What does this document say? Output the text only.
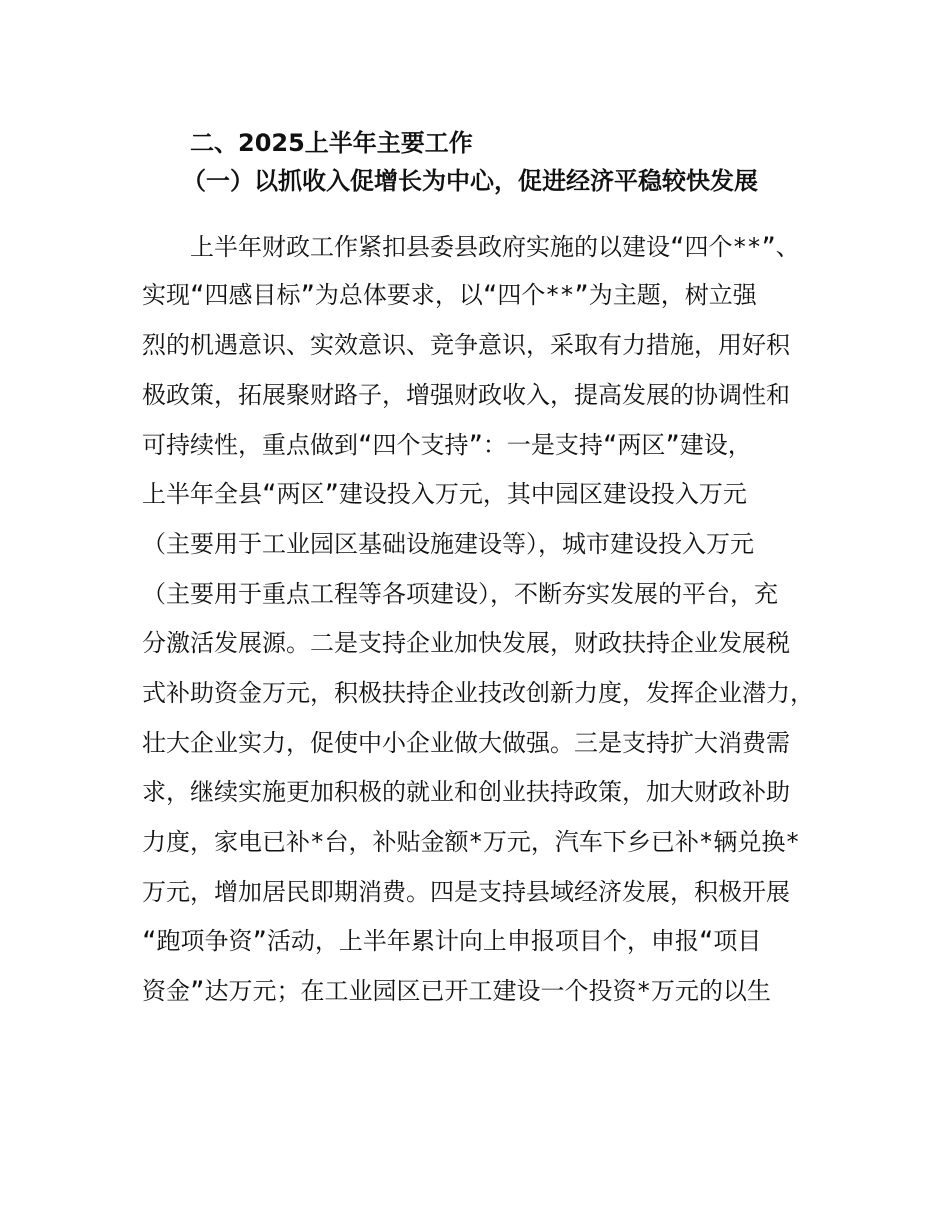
二、2025上半年主要工作
（一）以抓收入促增长为中心，促进经济平稳较快发展
上半年财政工作紧扣县委县政府实施的以建设“四个**”、
实现“四感目标”为总体要求，以“四个**”为主题，树立强
烈的机遇意识、实效意识、竞争意识，采取有力措施，用好积
极政策，拓展聚财路子，增强财政收入，提高发展的协调性和
可持续性，重点做到“四个支持”：一是支持“两区”建设，
上半年全县“两区”建设投入万元，其中园区建设投入万元
（主要用于工业园区基础设施建设等），城市建设投入万元
（主要用于重点工程等各项建设），不断夯实发展的平台，充
分激活发展源。二是支持企业加快发展，财政扶持企业发展税
式补助资金万元，积极扶持企业技改创新力度，发挥企业潜力，
壮大企业实力，促使中小企业做大做强。三是支持扩大消费需
求，继续实施更加积极的就业和创业扶持政策，加大财政补助
力度，家电已补*台，补贴金额*万元，汽车下乡已补*辆兑换*
万元，增加居民即期消费。四是支持县域经济发展，积极开展
“跑项争资”活动，上半年累计向上申报项目个，申报“项目
资金”达万元；在工业园区已开工建设一个投资*万元的以生
